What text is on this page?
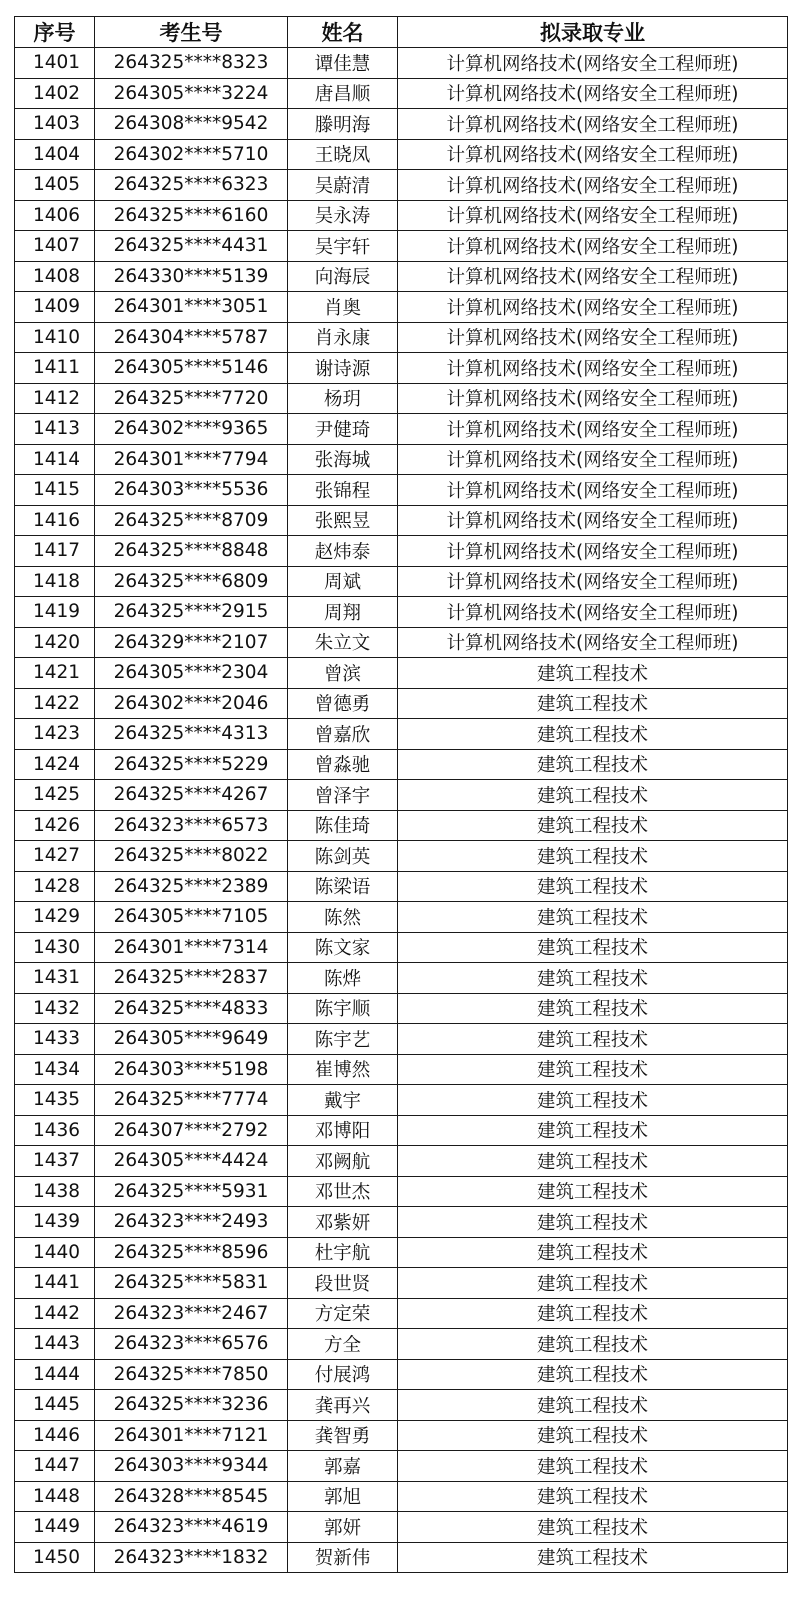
序号	考生号	姓名	拟录取专业
1401	264325****8323	谭佳慧	计算机网络技术(网络安全工程师班)
1402	264305****3224	唐昌顺	计算机网络技术(网络安全工程师班)
1403	264308****9542	滕明海	计算机网络技术(网络安全工程师班)
1404	264302****5710	王晓凤	计算机网络技术(网络安全工程师班)
1405	264325****6323	吴蔚清	计算机网络技术(网络安全工程师班)
1406	264325****6160	吴永涛	计算机网络技术(网络安全工程师班)
1407	264325****4431	吴宇轩	计算机网络技术(网络安全工程师班)
1408	264330****5139	向海辰	计算机网络技术(网络安全工程师班)
1409	264301****3051	肖奥	计算机网络技术(网络安全工程师班)
1410	264304****5787	肖永康	计算机网络技术(网络安全工程师班)
1411	264305****5146	谢诗源	计算机网络技术(网络安全工程师班)
1412	264325****7720	杨玥	计算机网络技术(网络安全工程师班)
1413	264302****9365	尹健琦	计算机网络技术(网络安全工程师班)
1414	264301****7794	张海城	计算机网络技术(网络安全工程师班)
1415	264303****5536	张锦程	计算机网络技术(网络安全工程师班)
1416	264325****8709	张熙昱	计算机网络技术(网络安全工程师班)
1417	264325****8848	赵炜泰	计算机网络技术(网络安全工程师班)
1418	264325****6809	周斌	计算机网络技术(网络安全工程师班)
1419	264325****2915	周翔	计算机网络技术(网络安全工程师班)
1420	264329****2107	朱立文	计算机网络技术(网络安全工程师班)
1421	264305****2304	曾滨	建筑工程技术
1422	264302****2046	曾德勇	建筑工程技术
1423	264325****4313	曾嘉欣	建筑工程技术
1424	264325****5229	曾淼驰	建筑工程技术
1425	264325****4267	曾泽宇	建筑工程技术
1426	264323****6573	陈佳琦	建筑工程技术
1427	264325****8022	陈剑英	建筑工程技术
1428	264325****2389	陈梁语	建筑工程技术
1429	264305****7105	陈然	建筑工程技术
1430	264301****7314	陈文家	建筑工程技术
1431	264325****2837	陈烨	建筑工程技术
1432	264325****4833	陈宇顺	建筑工程技术
1433	264305****9649	陈宇艺	建筑工程技术
1434	264303****5198	崔博然	建筑工程技术
1435	264325****7774	戴宇	建筑工程技术
1436	264307****2792	邓博阳	建筑工程技术
1437	264305****4424	邓阙航	建筑工程技术
1438	264325****5931	邓世杰	建筑工程技术
1439	264323****2493	邓紫妍	建筑工程技术
1440	264325****8596	杜宇航	建筑工程技术
1441	264325****5831	段世贤	建筑工程技术
1442	264323****2467	方定荣	建筑工程技术
1443	264323****6576	方全	建筑工程技术
1444	264325****7850	付展鸿	建筑工程技术
1445	264325****3236	龚再兴	建筑工程技术
1446	264301****7121	龚智勇	建筑工程技术
1447	264303****9344	郭嘉	建筑工程技术
1448	264328****8545	郭旭	建筑工程技术
1449	264323****4619	郭妍	建筑工程技术
1450	264323****1832	贺新伟	建筑工程技术
